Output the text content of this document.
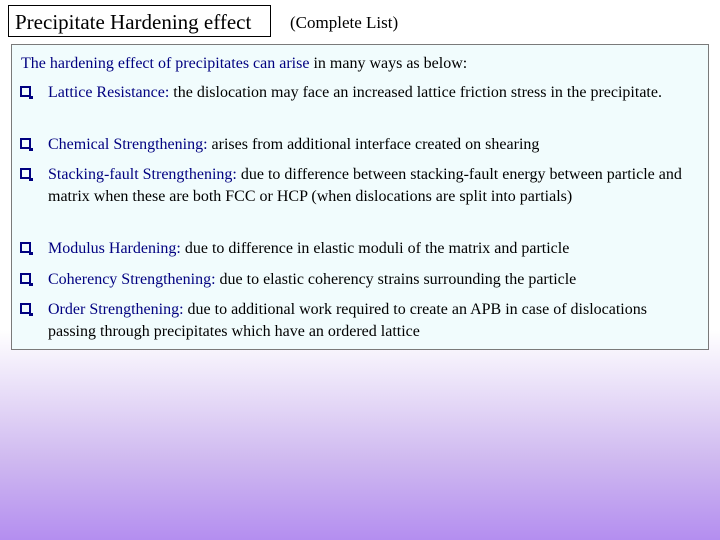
Precipitate Hardening effect	(Complete List)
The hardening effect of precipitates can arise in many ways as below:
Lattice Resistance: the dislocation may face an increased lattice friction stress in the precipitate.
Chemical Strengthening: arises from additional interface created on shearing
Stacking-fault Strengthening: due to difference between stacking-fault energy between particle and matrix when these are both FCC or HCP (when dislocations are split into partials)
Modulus Hardening: due to difference in elastic moduli of the matrix and particle
Coherency Strengthening: due to elastic coherency strains surrounding the particle
Order Strengthening: due to additional work required to create an APB in case of dislocations passing through precipitates which have an ordered lattice
